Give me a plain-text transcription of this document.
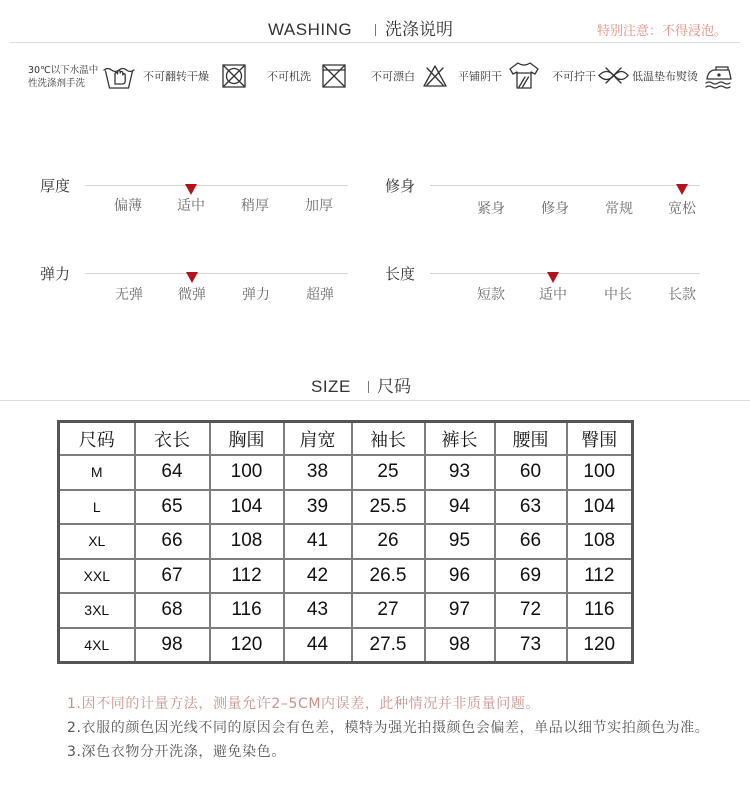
WASHING 洗涤说明	特别注意：不得浸泡。
30℃以下水温中
性洗涤剂手洗
不可翻转干燥	不可机洗	不可漂白	平铺阴干	不可拧干	低温垫布熨烫
厚度
偏薄	适中	稍厚	加厚
修身
紧身	修身	常规	宽松
弹力
无弹	微弹	弹力	超弹
长度
短款	适中	中长	长款
SIZE 尺码
尺码	衣长	胸围	肩宽	袖长	裤长	腰围	臀围
M	64	100	38	25	93	60	100
L	65	104	39	25.5	94	63	104
XL	66	108	41	26	95	66	108
XXL	67	112	42	26.5	96	69	112
3XL	68	116	43	27	97	72	116
4XL	98	120	44	27.5	98	73	120
1.因不同的计量方法，测量允许2–5CM内误差，此种情况并非质量问题。
2.衣服的颜色因光线不同的原因会有色差，模特为强光拍摄颜色会偏差，单品以细节实拍颜色为准。
3.深色衣物分开洗涤，避免染色。
